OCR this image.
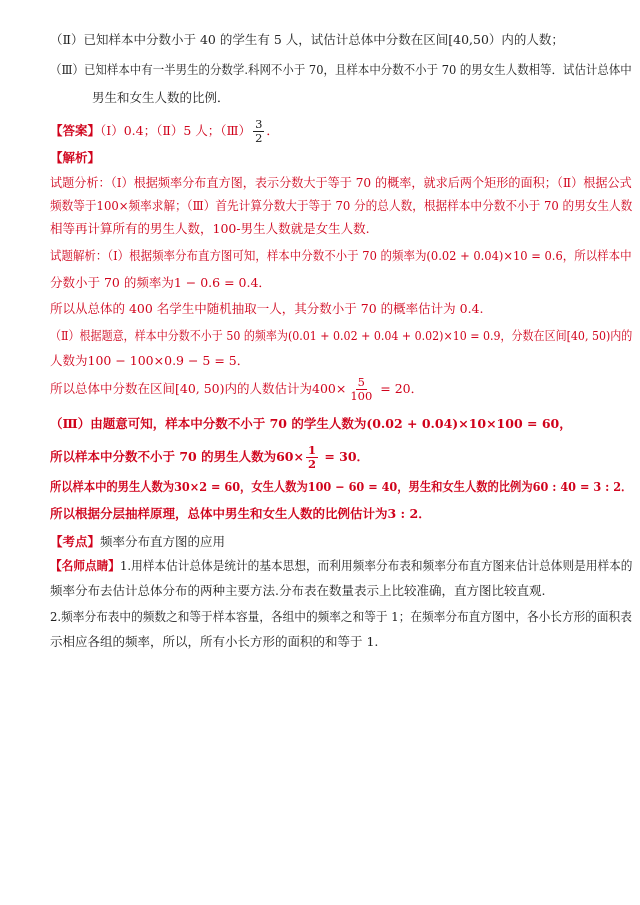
（Ⅱ）已知样本中分数小于 40 的学生有 5 人，试估计总体中分数在区间[40,50）内的人数；
（Ⅲ）已知样本中有一半男生的分数学.科网不小于 70，且样本中分数不小于 70 的男女生人数相等．试估计总体中
男生和女生人数的比例．
【答案】（Ⅰ）0.4；（Ⅱ）5 人；（Ⅲ） $\frac{3}{2}$ ．
【解析】
试题分析：（Ⅰ）根据频率分布直方图，表示分数大于等于 70 的概率，就求后两个矩形的面积；（Ⅱ）根据公式
频数等于100×频率求解；（Ⅲ）首先计算分数大于等于 70 分的总人数，根据样本中分数不小于 70 的男女生人数
相等再计算所有的男生人数，100-男生人数就是女生人数.
试题解析：（Ⅰ）根据频率分布直方图可知，样本中分数不小于 70 的频率为(0.02 + 0.04)×10 = 0.6，所以样本中
分数小于 70 的频率为1 − 0.6 = 0.4．
所以从总体的 400 名学生中随机抽取一人，其分数小于 70 的概率估计为 0.4.
（Ⅱ）根据题意，样本中分数不小于 50 的频率为(0.01 + 0.02 + 0.04 + 0.02)×10 = 0.9，分数在区间[40, 50)内的
人数为100 − 100×0.9 − 5 = 5．
所以总体中分数在区间[40, 50)内的人数估计为$400\times \frac{5}{100} = 20$．
（Ⅲ）由题意可知，样本中分数不小于 70 的学生人数为(0.02 + 0.04)×10×100 = 60，
所以样本中分数不小于 70 的男生人数为$60\times \frac{1}{2} = 30$．
所以样本中的男生人数为30×2 = 60，女生人数为100 − 60 = 40，男生和女生人数的比例为60 : 40 = 3 : 2．
所以根据分层抽样原理，总体中男生和女生人数的比例估计为3 : 2．
【考点】频率分布直方图的应用
【名师点睛】1.用样本估计总体是统计的基本思想，而利用频率分布表和频率分布直方图来估计总体则是用样本的
频率分布去估计总体分布的两种主要方法.分布表在数量表示上比较准确，直方图比较直观.
2.频率分布表中的频数之和等于样本容量，各组中的频率之和等于 1；在频率分布直方图中，各小长方形的面积表
示相应各组的频率，所以，所有小长方形的面积的和等于 1.
